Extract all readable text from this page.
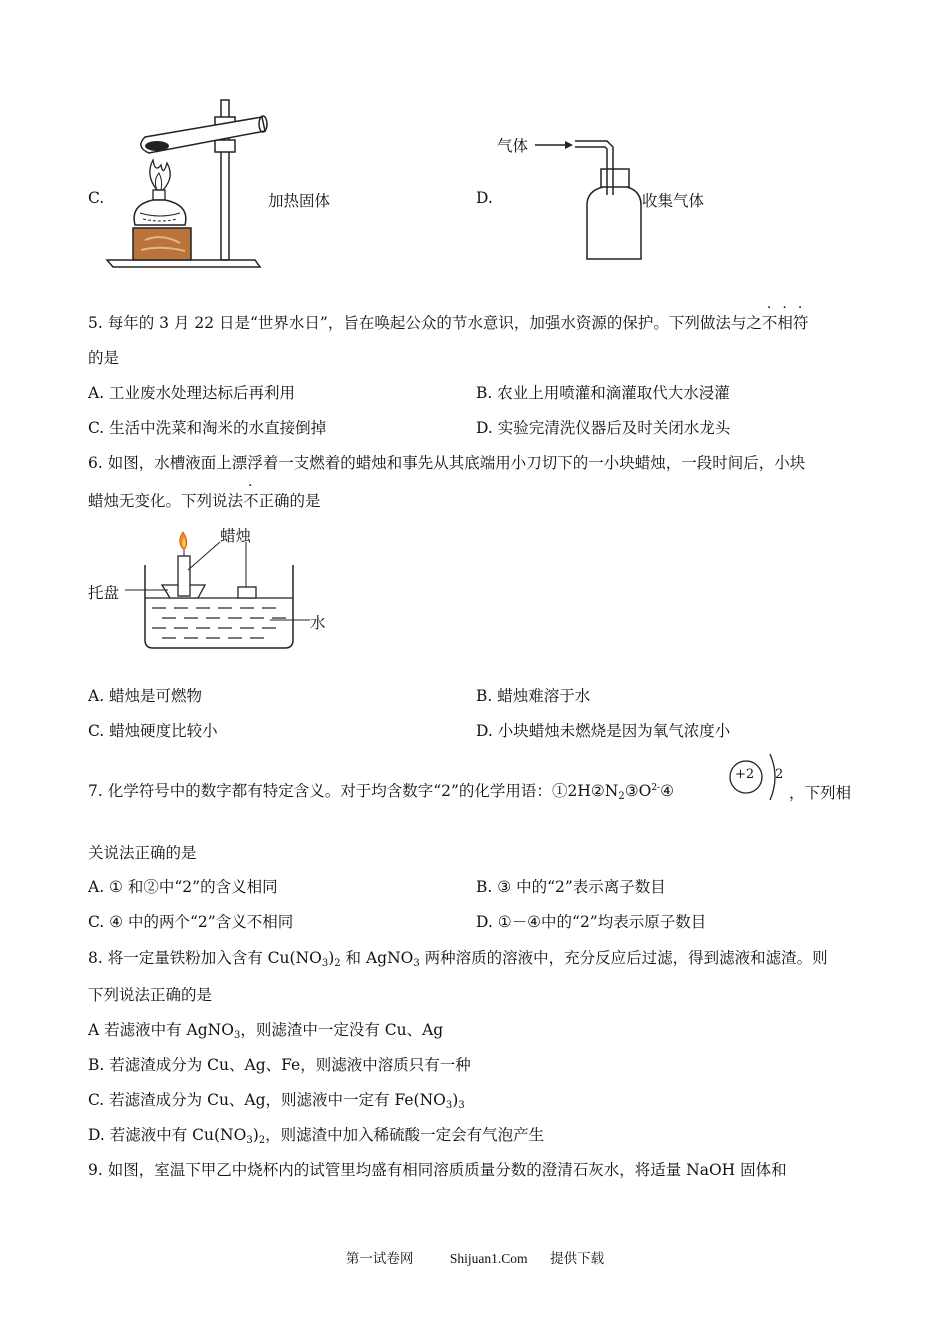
C.	加热固体	D.
气体
收集气体
5. 每年的 3 月 22 日是“世界水日”，旨在唤起公众的节水意识，加强水资源的保护。下列做法与之不相符
的是
A. 工业废水处理达标后再利用	B. 农业上用喷灌和滴灌取代大水浸灌
C. 生活中洗菜和淘米的水直接倒掉	D. 实验完清洗仪器后及时关闭水龙头
6. 如图，水槽液面上漂浮着一支燃着的蜡烛和事先从其底端用小刀切下的一小块蜡烛，一段时间后，小块
蜡烛无变化。下列说法不正确的是
蜡烛
托盘
水
A. 蜡烛是可燃物	B. 蜡烛难溶于水
C. 蜡烛硬度比较小	D. 小块蜡烛未燃烧是因为氧气浓度小
7. 化学符号中的数字都有特定含义。对于均含数字“2”的化学用语：$①2H②N_2③O^{2-}④$
+2 2
，下列相
关说法正确的是
A. ① 和②中“2”的含义相同	B. ③ 中的“2”表示离子数目
C. ④ 中的两个“2”含义不相同	D. ①－④中的“2”均表示原子数目
8. 将一定量铁粉加入含有 $Cu(NO_3)_2$ 和 AgNO$_3$ 两种溶质的溶液中，充分反应后过滤，得到滤液和滤渣。则
下列说法正确的是
A 若滤液中有 AgNO$_3$，则滤渣中一定没有 Cu、Ag
B. 若滤渣成分为 Cu、Ag、Fe，则滤液中溶质只有一种
C. 若滤渣成分为 Cu、Ag，则滤液中一定有 $Fe(NO_3)_3$
D. 若滤液中有 $Cu(NO_3)_2$，则滤渣中加入稀硫酸一定会有气泡产生
9. 如图，室温下甲乙中烧杯内的试管里均盛有相同溶质质量分数的澄清石灰水，将适量 NaOH 固体和
第一试卷网	Shijuan1.Com 提供下载
